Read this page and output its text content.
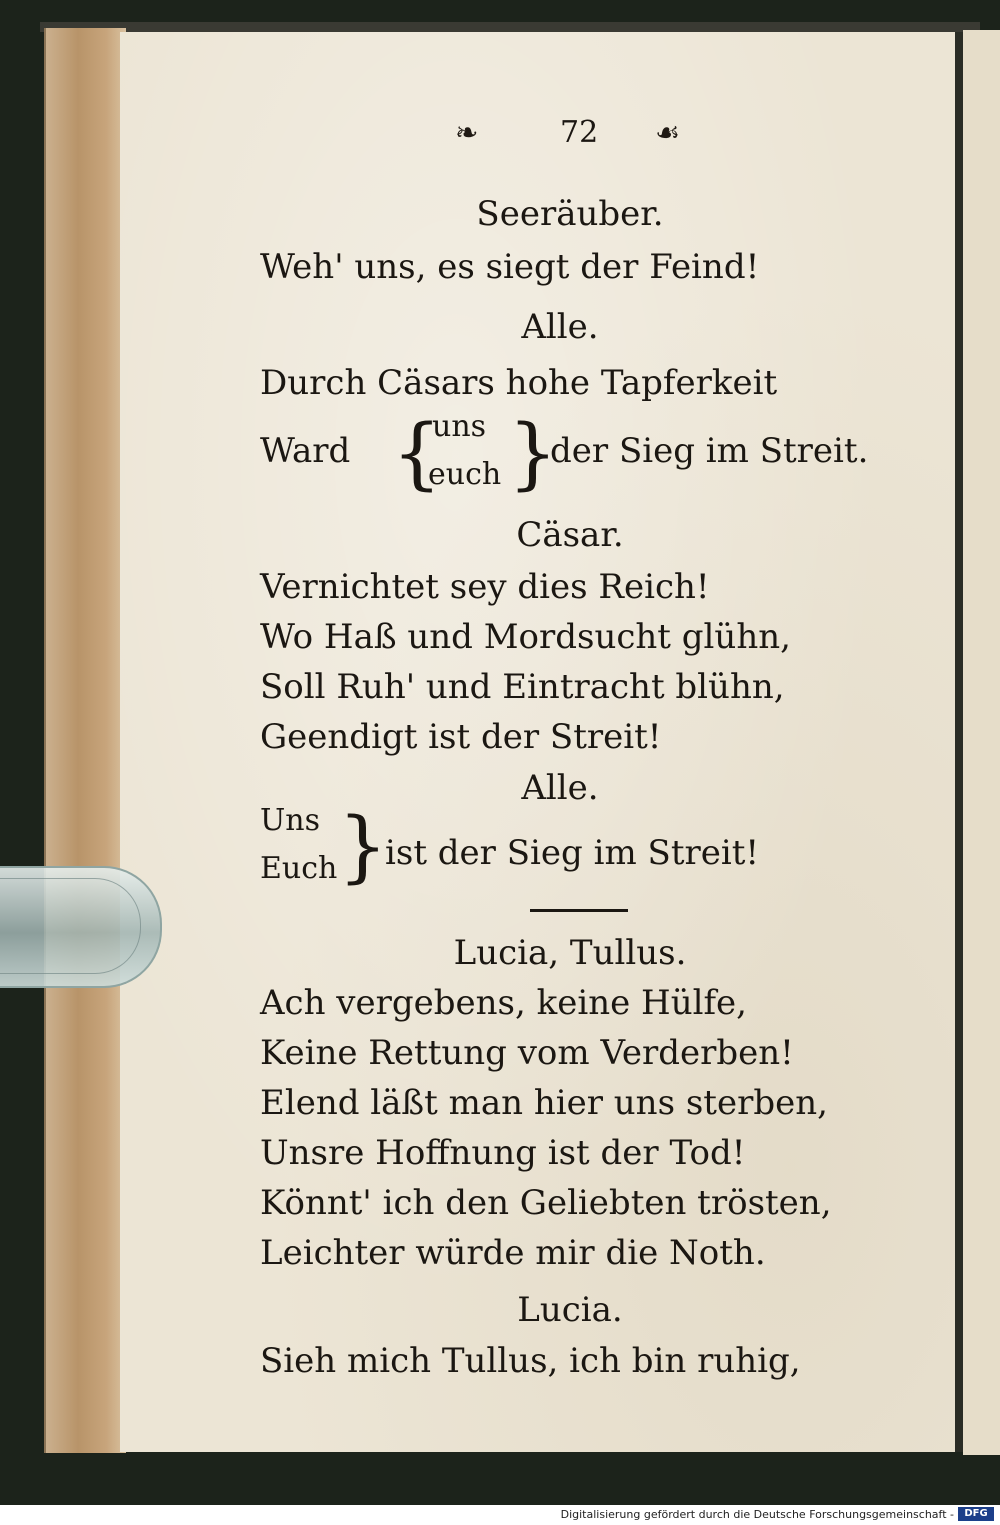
❧	72 ☙
Seeräuber.
Weh' uns, es siegt der Feind!
Alle.
Durch Cäsars hohe Tapferkeit
Ward {
uns
euch }
der Sieg im Streit.
Cäsar.
Vernichtet sey dies Reich!
Wo Haß und Mordsucht glühn,
Soll Ruh' und Eintracht blühn,
Geendigt ist der Streit!
Alle.
Uns
Euch }
ist der Sieg im Streit!
Lucia, Tullus.
Ach vergebens, keine Hülfe,
Keine Rettung vom Verderben!
Elend läßt man hier uns sterben,
Unsre Hoffnung ist der Tod!
Könnt' ich den Geliebten trösten,
Leichter würde mir die Noth.
Lucia.
Sieh mich Tullus, ich bin ruhig,
Digitalisierung gefördert durch die Deutsche Forschungsgemeinschaft -	DFG
